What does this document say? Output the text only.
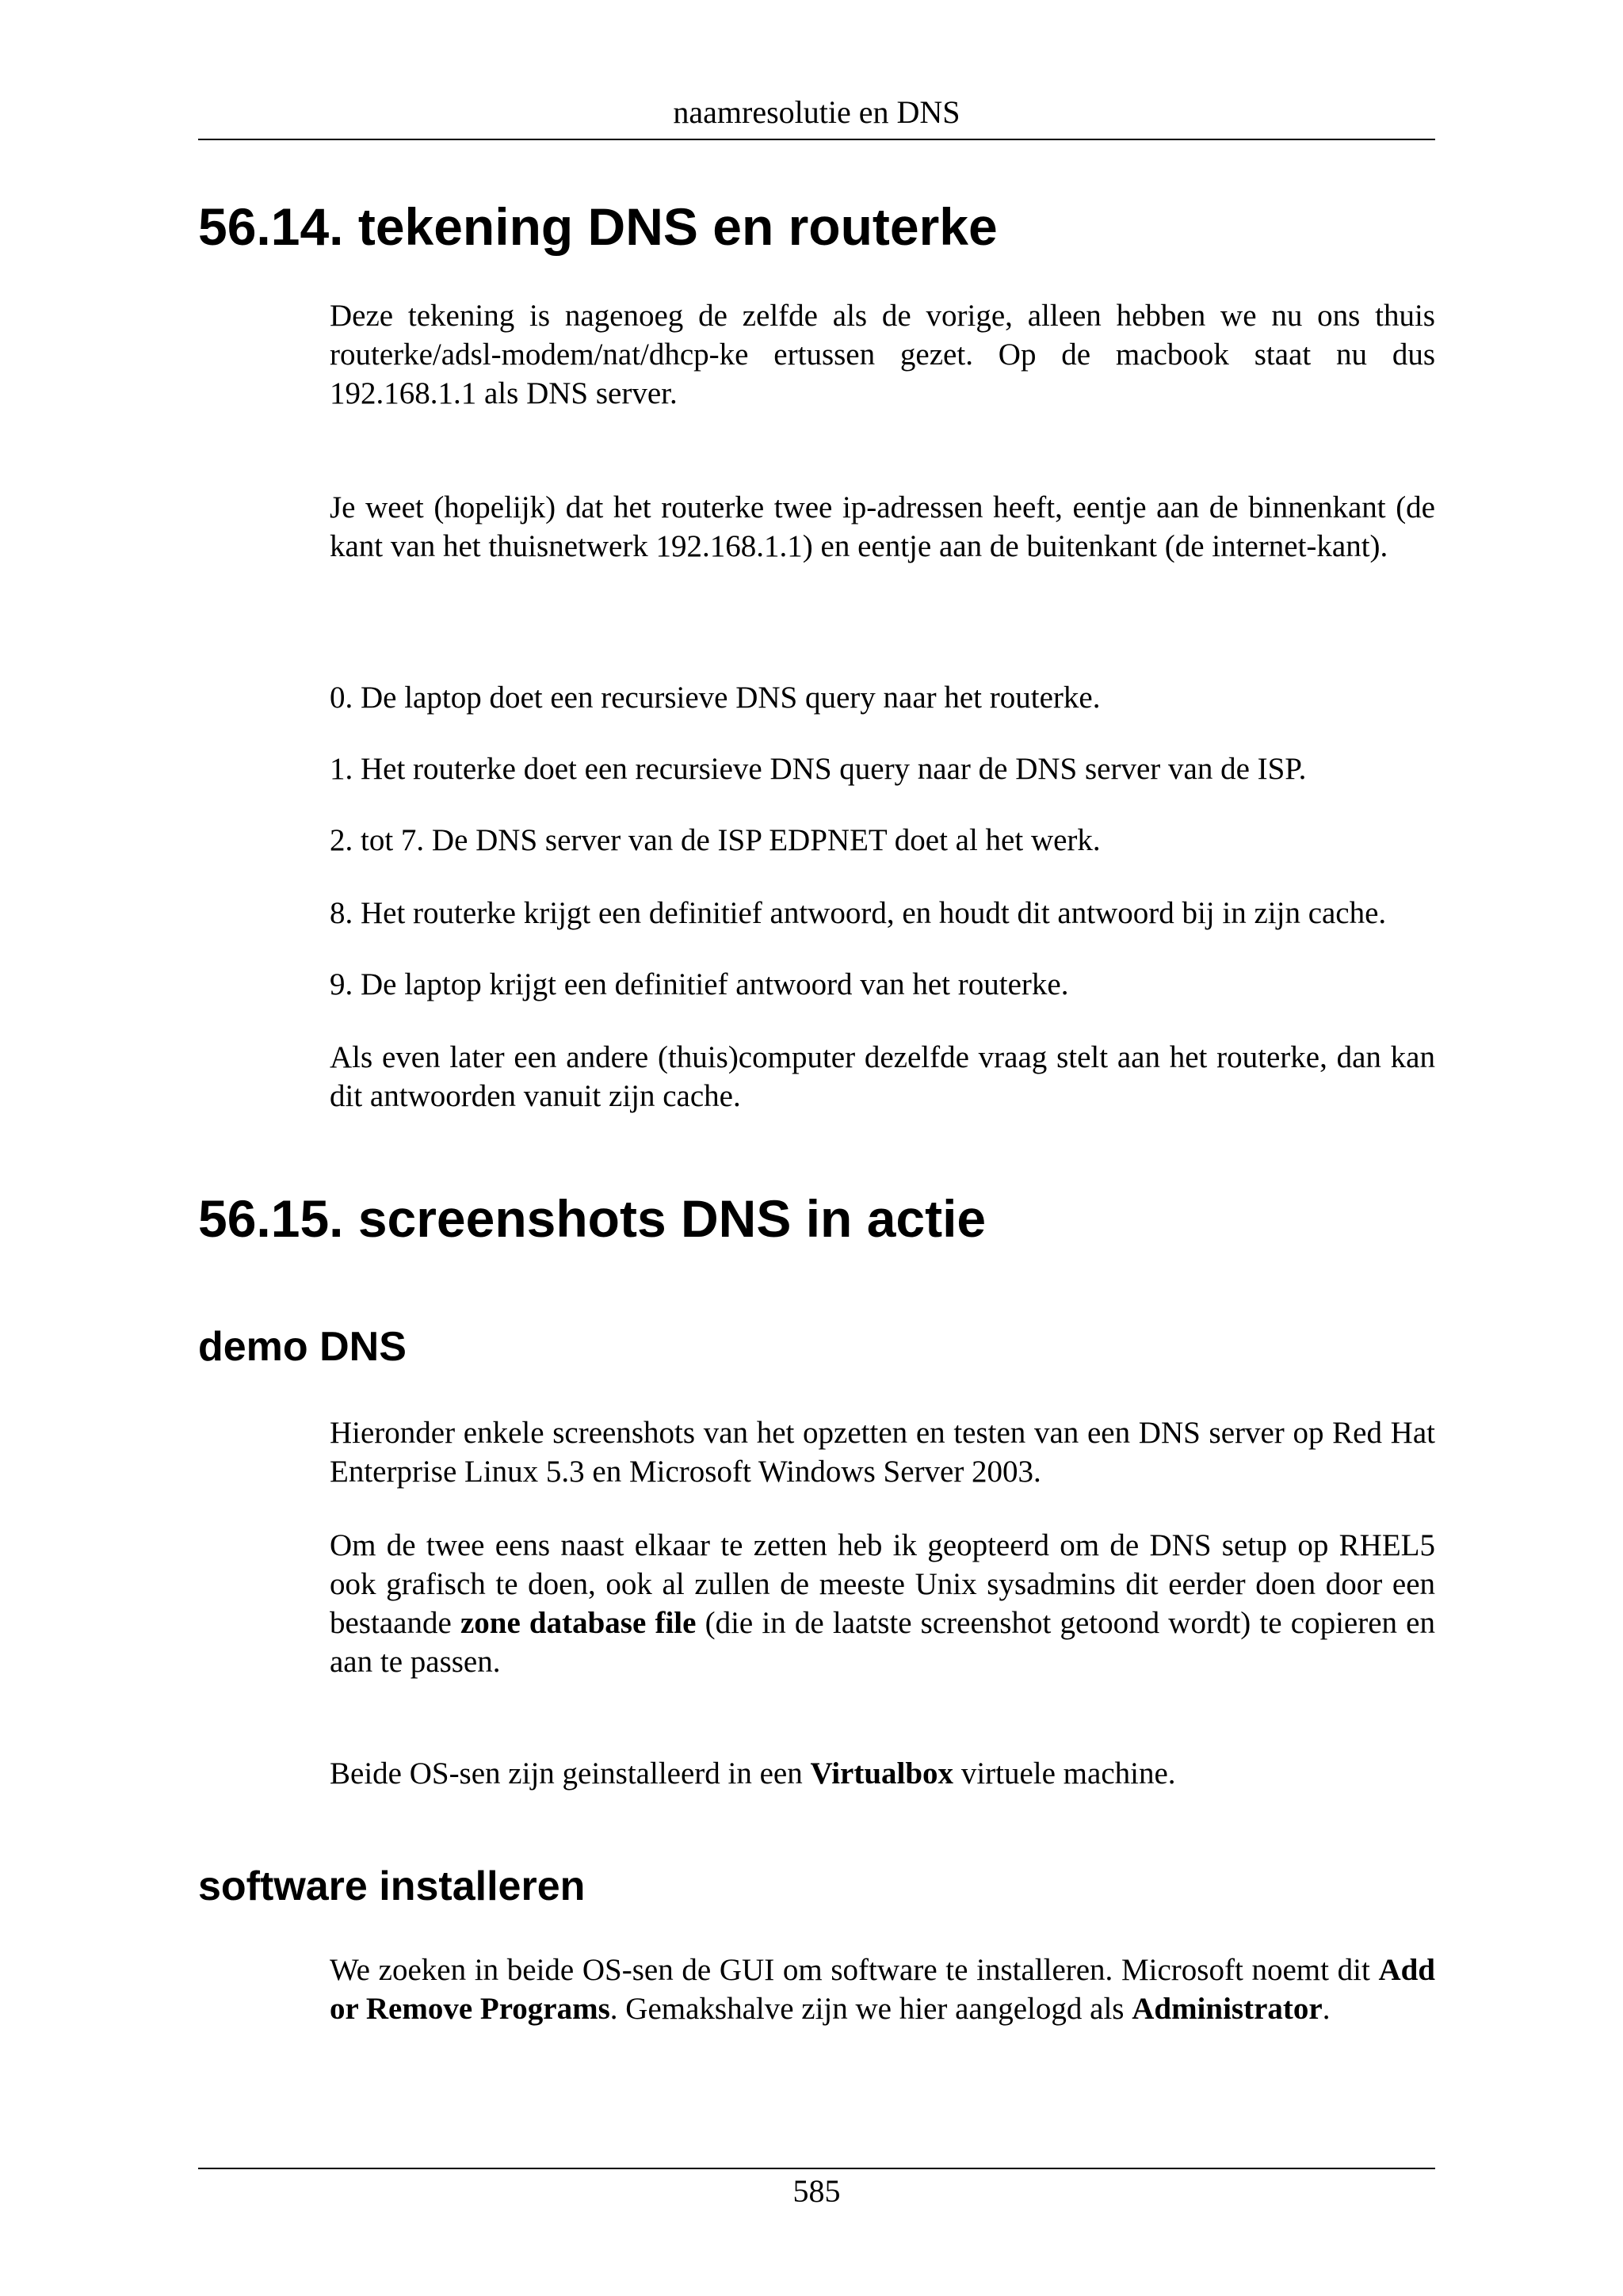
naamresolutie en DNS
56.14. tekening DNS en routerke

Deze tekening is nagenoeg de zelfde als de vorige, alleen hebben we nu ons thuis routerke/adsl-modem/nat/dhcp-ke ertussen gezet. Op de macbook staat nu dus 192.168.1.1 als DNS server.

Je weet (hopelijk) dat het routerke twee ip-adressen heeft, eentje aan de binnenkant (de kant van het thuisnetwerk 192.168.1.1) en eentje aan de buitenkant (de internet-kant).

0. De laptop doet een recursieve DNS query naar het routerke.

1. Het routerke doet een recursieve DNS query naar de DNS server van de ISP.

2. tot 7. De DNS server van de ISP EDPNET doet al het werk.

8. Het routerke krijgt een definitief antwoord, en houdt dit antwoord bij in zijn cache.

9. De laptop krijgt een definitief antwoord van het routerke.

Als even later een andere (thuis)computer dezelfde vraag stelt aan het routerke, dan kan dit antwoorden vanuit zijn cache.

56.15. screenshots DNS in actie
demo DNS

Hieronder enkele screenshots van het opzetten en testen van een DNS server op Red Hat Enterprise Linux 5.3 en Microsoft Windows Server 2003.

Om de twee eens naast elkaar te zetten heb ik geopteerd om de DNS setup op RHEL5 ook grafisch te doen, ook al zullen de meeste Unix sysadmins dit eerder doen door een bestaande zone database file (die in de laatste screenshot getoond wordt) te copieren en aan te passen.

Beide OS-sen zijn geinstalleerd in een Virtualbox virtuele machine.

software installeren

We zoeken in beide OS-sen de GUI om software te installeren. Microsoft noemt dit Add or Remove Programs. Gemakshalve zijn we hier aangelogd als Administrator.

585
